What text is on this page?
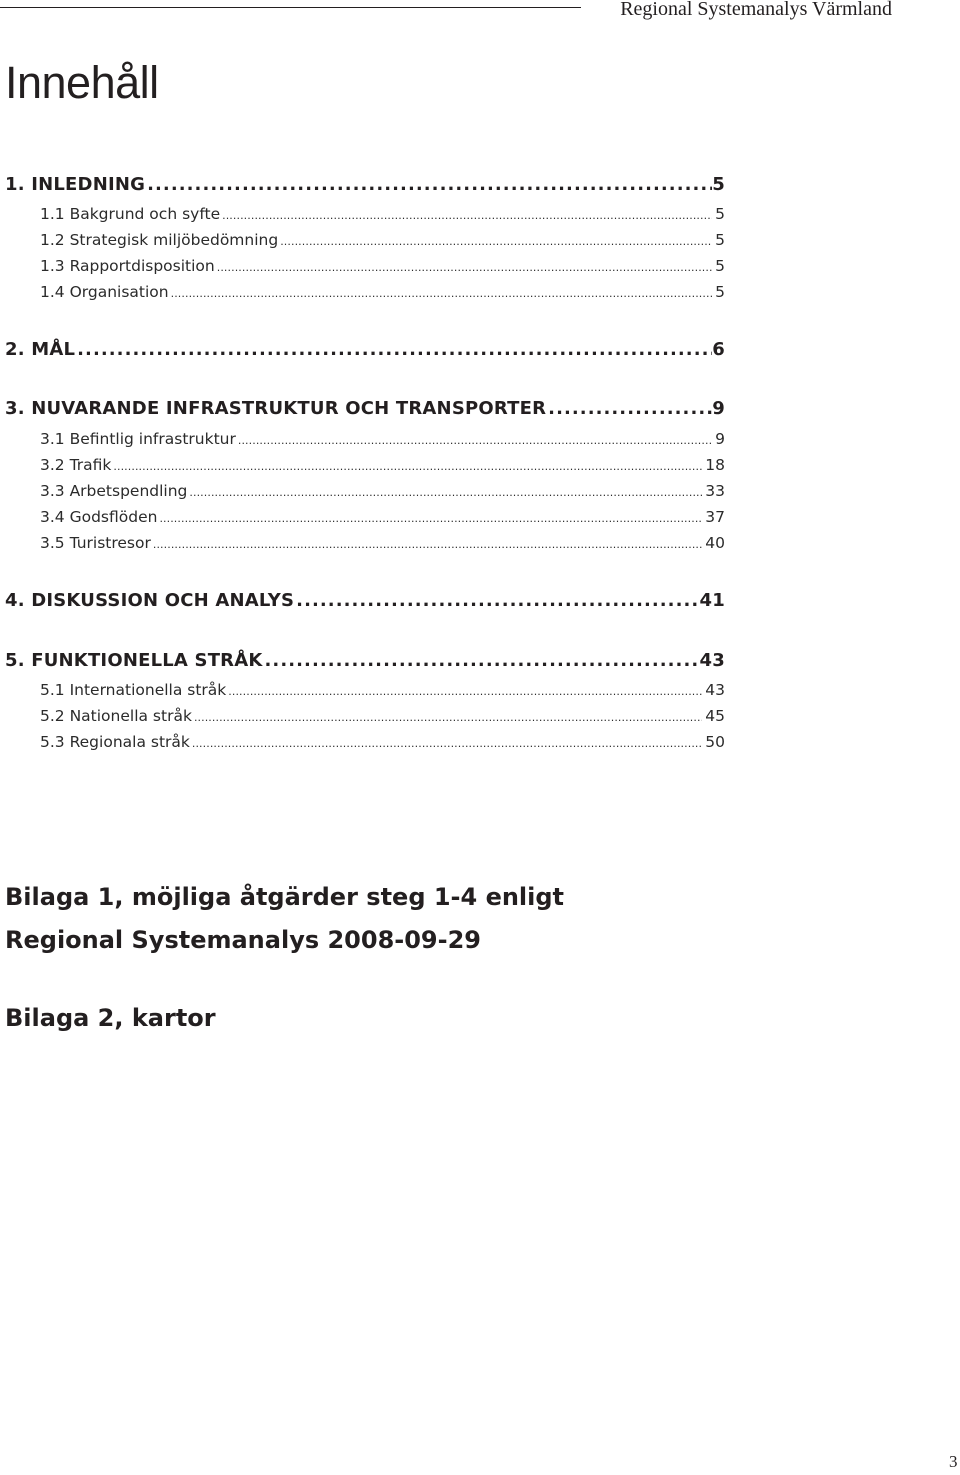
Regional Systemanalys Värmland
Innehåll
1. INLEDNING . . .	5
1.1 Bakgrund och syfte . . .	5
1.2 Strategisk miljöbedömning . . .	5
1.3 Rapportdisposition . . .	5
1.4 Organisation . . .	5
2. MÅL . . .	6
3. NUVARANDE INFRASTRUKTUR OCH TRANSPORTER . . .	9
3.1 Befintlig infrastruktur . . .	9
3.2 Trafik . . .	18
3.3 Arbetspendling . . .	33
3.4 Godsflöden . . .	37
3.5 Turistresor . . .	40
4. DISKUSSION OCH ANALYS . . .	41
5. FUNKTIONELLA STRÅK . . .	43
5.1 Internationella stråk . . .	43
5.2 Nationella stråk . . .	45
5.3 Regionala stråk . . .	50
Bilaga 1, möjliga åtgärder steg 1-4 enligt
Regional Systemanalys 2008-09-29
Bilaga 2, kartor
3
